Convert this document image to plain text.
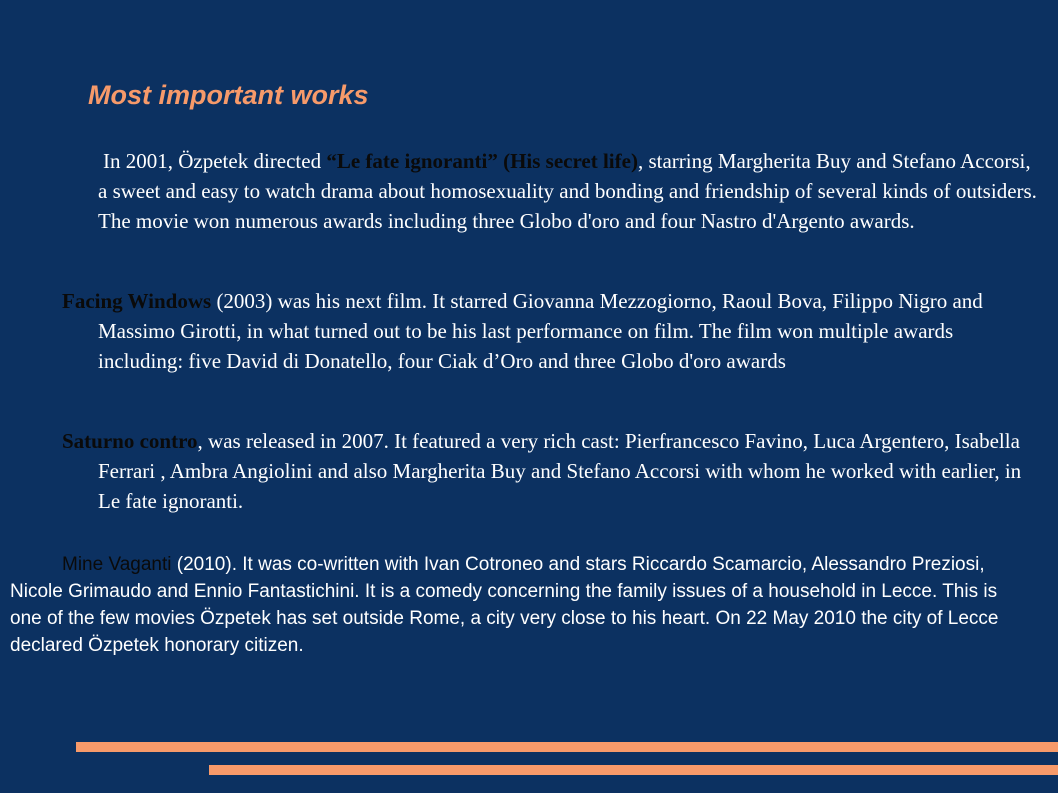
Most important works
In 2001, Özpetek directed “Le fate ignoranti” (His secret life), starring Margherita Buy and Stefano Accorsi, a sweet and easy to watch drama about homosexuality and bonding and friendship of several kinds of outsiders. The movie won numerous awards including three Globo d'oro and four Nastro d'Argento awards.
Facing Windows (2003) was his next film. It starred Giovanna Mezzogiorno, Raoul Bova, Filippo Nigro and Massimo Girotti, in what turned out to be his last performance on film. The film won multiple awards including: five David di Donatello, four Ciak d’Oro and three Globo d'oro awards
Saturno contro, was released in 2007. It featured a very rich cast: Pierfrancesco Favino, Luca Argentero, Isabella Ferrari , Ambra Angiolini and also Margherita Buy and Stefano Accorsi with whom he worked with earlier, in Le fate ignoranti.
Mine Vaganti (2010). It was co-written with Ivan Cotroneo and stars Riccardo Scamarcio, Alessandro Preziosi, Nicole Grimaudo and Ennio Fantastichini. It is a comedy concerning the family issues of a household in Lecce. This is one of the few movies Özpetek has set outside Rome, a city very close to his heart. On 22 May 2010 the city of Lecce declared Özpetek honorary citizen.
